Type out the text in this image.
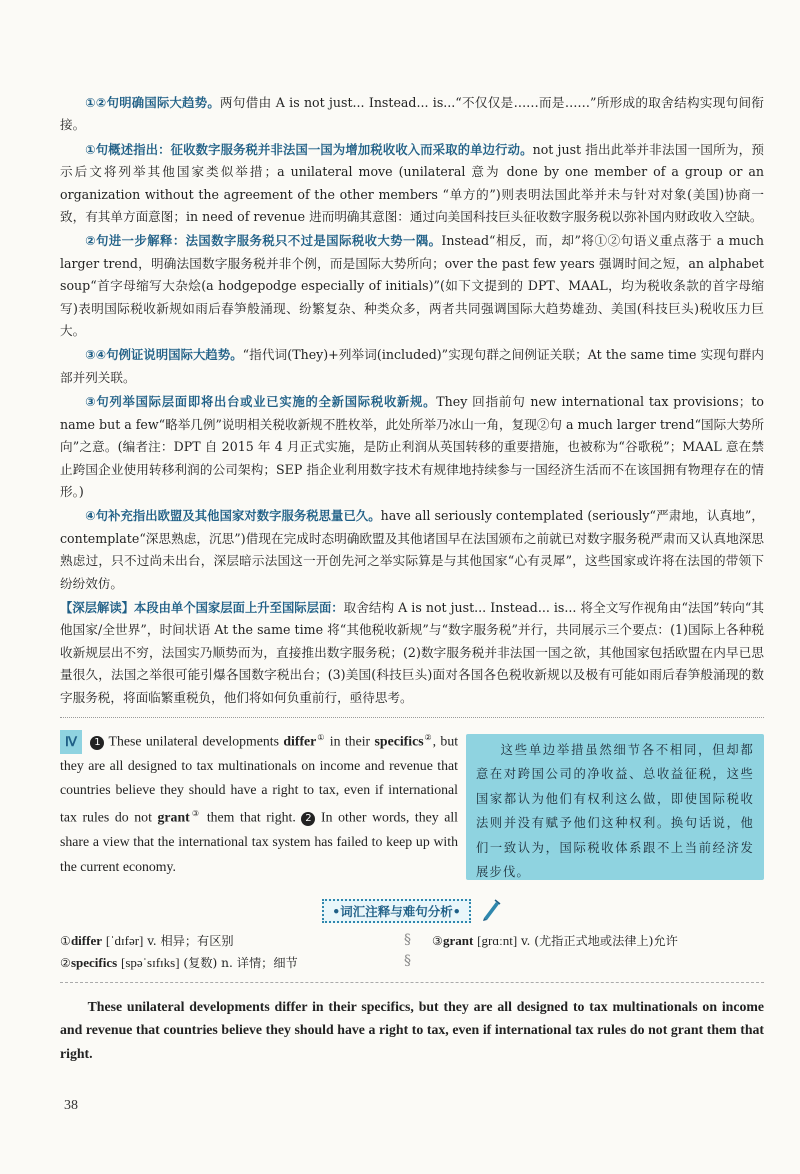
①②句明确国际大趋势。两句借由 A is not just... Instead... is...“不仅仅是……而是……”所形成的取舍结构实现句间衔接。

①句概述指出：征收数字服务税并非法国一国为增加税收收入而采取的单边行动。not just 指出此举并非法国一国所为，预示后文将列举其他国家类似举措；a unilateral move (unilateral 意为 done by one member of a group or an organization without the agreement of the other members “单方的”)则表明法国此举并未与针对对象(美国)协商一致，有其单方面意图；in need of revenue 进而明确其意图：通过向美国科技巨头征收数字服务税以弥补国内财政收入空缺。

②句进一步解释：法国数字服务税只不过是国际税收大势一隅。Instead“相反，而，却”将①②句语义重点落于 a much larger trend，明确法国数字服务税并非个例，而是国际大势所向；over the past few years 强调时间之短，an alphabet soup“首字母缩写大杂烩(a hodgepodge especially of initials)”(如下文提到的 DPT、MAAL，均为税收条款的首字母缩写)表明国际税收新规如雨后春笋般涌现、纷繁复杂、种类众多，两者共同强调国际大趋势雄劲、美国(科技巨头)税收压力巨大。

③④句例证说明国际大趋势。“指代词(They)+列举词(included)”实现句群之间例证关联；At the same time 实现句群内部并列关联。

③句列举国际层面即将出台或业已实施的全新国际税收新规。They 回指前句 new international tax provisions；to name but a few“略举几例”说明相关税收新规不胜枚举，此处所举乃冰山一角，复现②句 a much larger trend“国际大势所向”之意。(编者注：DPT 自 2015 年 4 月正式实施，是防止利润从英国转移的重要措施，也被称为“谷歌税”；MAAL 意在禁止跨国企业使用转移利润的公司架构；SEP 指企业利用数字技术有规律地持续参与一国经济生活而不在该国拥有物理存在的情形。)

④句补充指出欧盟及其他国家对数字服务税思量已久。have all seriously contemplated (seriously“严肃地，认真地”，contemplate“深思熟虑，沉思”)借现在完成时态明确欧盟及其他诸国早在法国颁布之前就已对数字服务税严肃而又认真地深思熟虑过，只不过尚未出台，深层暗示法国这一开创先河之举实际算是与其他国家“心有灵犀”，这些国家或许将在法国的带领下纷纷效仿。

【深层解读】本段由单个国家层面上升至国际层面：取舍结构 A is not just... Instead... is... 将全文写作视角由“法国”转向“其他国家/全世界”，时间状语 At the same time 将“其他税收新规”与“数字服务税”并行，共同展示三个要点：(1)国际上各种税收新规层出不穷，法国实乃顺势而为，直接推出数字服务税；(2)数字服务税并非法国一国之欲，其他国家包括欧盟在内早已思量很久，法国之举很可能引爆各国数字税出台；(3)美国(科技巨头)面对各国各色税收新规以及极有可能如雨后春笋般涌现的数字服务税，将面临繁重税负，他们将如何负重前行，亟待思考。

Ⅳ 1 These unilateral developments differ① in their specifics②, but they are all designed to tax multinationals on income and revenue that countries believe they should have a right to tax, even if international tax rules do not grant③ them that right. 2 In other words, they all share a view that the international tax system has failed to keep up with the current economy.
这些单边举措虽然细节各不相同，但却都意在对跨国公司的净收益、总收益征税，这些国家都认为他们有权利这么做，即使国际税收法则并没有赋予他们这种权利。换句话说，他们一致认为，国际税收体系跟不上当前经济发展步伐。
•词汇注释与难句分析•
①differ [ˈdɪfər] v. 相异；有区别
②specifics [spəˈsɪfɪks] (复数) n. 详情；细节
§
§
③grant [grɑːnt] v. (尤指正式地或法律上)允许

These unilateral developments differ in their specifics, but they are all designed to tax multinationals on income and revenue that countries believe they should have a right to tax, even if international tax rules do not grant them that right.

38
